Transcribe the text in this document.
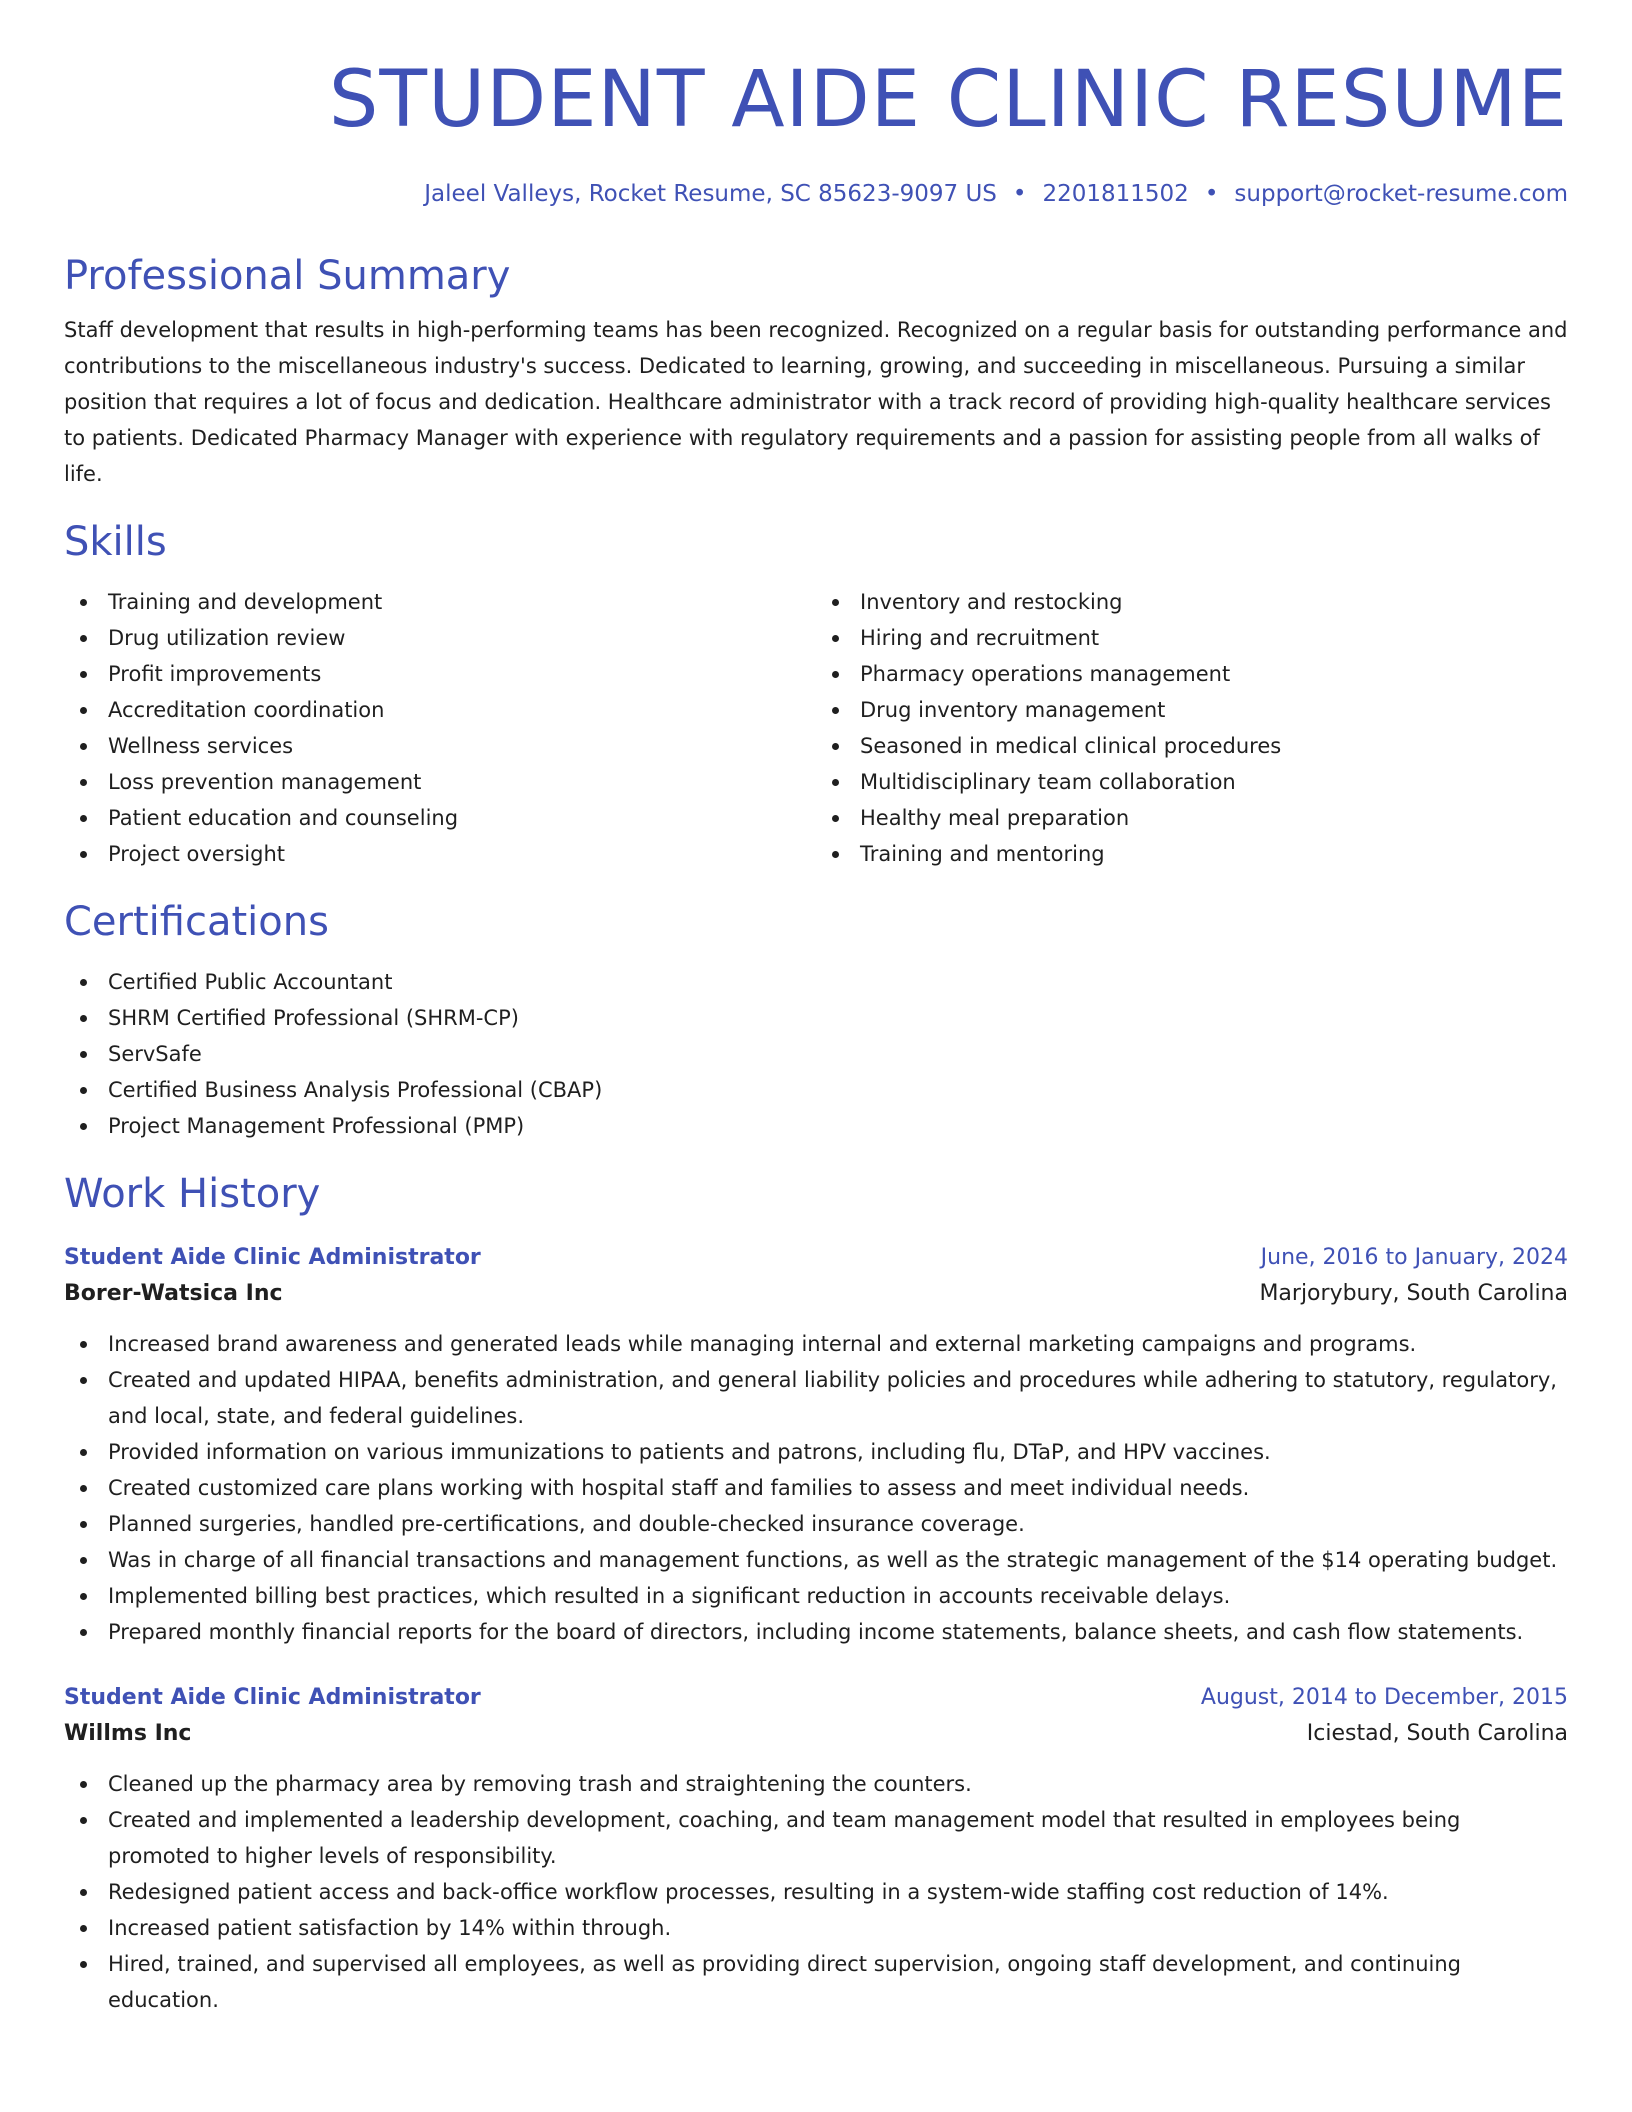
STUDENT AIDE CLINIC RESUME
Jaleel Valleys, Rocket Resume, SC 85623-9097 US • 2201811502 • support@rocket-resume.com
Professional Summary

Staff development that results in high-performing teams has been recognized. Recognized on a regular basis for outstanding performance and contributions to the miscellaneous industry's success. Dedicated to learning, growing, and succeeding in miscellaneous. Pursuing a similar position that requires a lot of focus and dedication. Healthcare administrator with a track record of providing high-quality healthcare services to patients. Dedicated Pharmacy Manager with experience with regulatory requirements and a passion for assisting people from all walks of life.

Skills
Training and development
Drug utilization review
Profit improvements
Accreditation coordination
Wellness services
Loss prevention management
Patient education and counseling
Project oversight
Inventory and restocking
Hiring and recruitment
Pharmacy operations management
Drug inventory management
Seasoned in medical clinical procedures
Multidisciplinary team collaboration
Healthy meal preparation
Training and mentoring
Certifications
Certified Public Accountant
SHRM Certified Professional (SHRM-CP)
ServSafe
Certified Business Analysis Professional (CBAP)
Project Management Professional (PMP)
Work History
Student Aide Clinic Administrator	June, 2016 to January, 2024
Borer-Watsica Inc	Marjorybury, South Carolina
Increased brand awareness and generated leads while managing internal and external marketing campaigns and programs.
Created and updated HIPAA, benefits administration, and general liability policies and procedures while adhering to statutory, regulatory, and local, state, and federal guidelines.
Provided information on various immunizations to patients and patrons, including flu, DTaP, and HPV vaccines.
Created customized care plans working with hospital staff and families to assess and meet individual needs.
Planned surgeries, handled pre-certifications, and double-checked insurance coverage.
Was in charge of all financial transactions and management functions, as well as the strategic management of the $14 operating budget.
Implemented billing best practices, which resulted in a significant reduction in accounts receivable delays.
Prepared monthly financial reports for the board of directors, including income statements, balance sheets, and cash flow statements.
Student Aide Clinic Administrator	August, 2014 to December, 2015
Willms Inc	Iciestad, South Carolina
Cleaned up the pharmacy area by removing trash and straightening the counters.
Created and implemented a leadership development, coaching, and team management model that resulted in employees being promoted to higher levels of responsibility.
Redesigned patient access and back-office workflow processes, resulting in a system-wide staffing cost reduction of 14%.
Increased patient satisfaction by 14% within through.
Hired, trained, and supervised all employees, as well as providing direct supervision, ongoing staff development, and continuing education.
